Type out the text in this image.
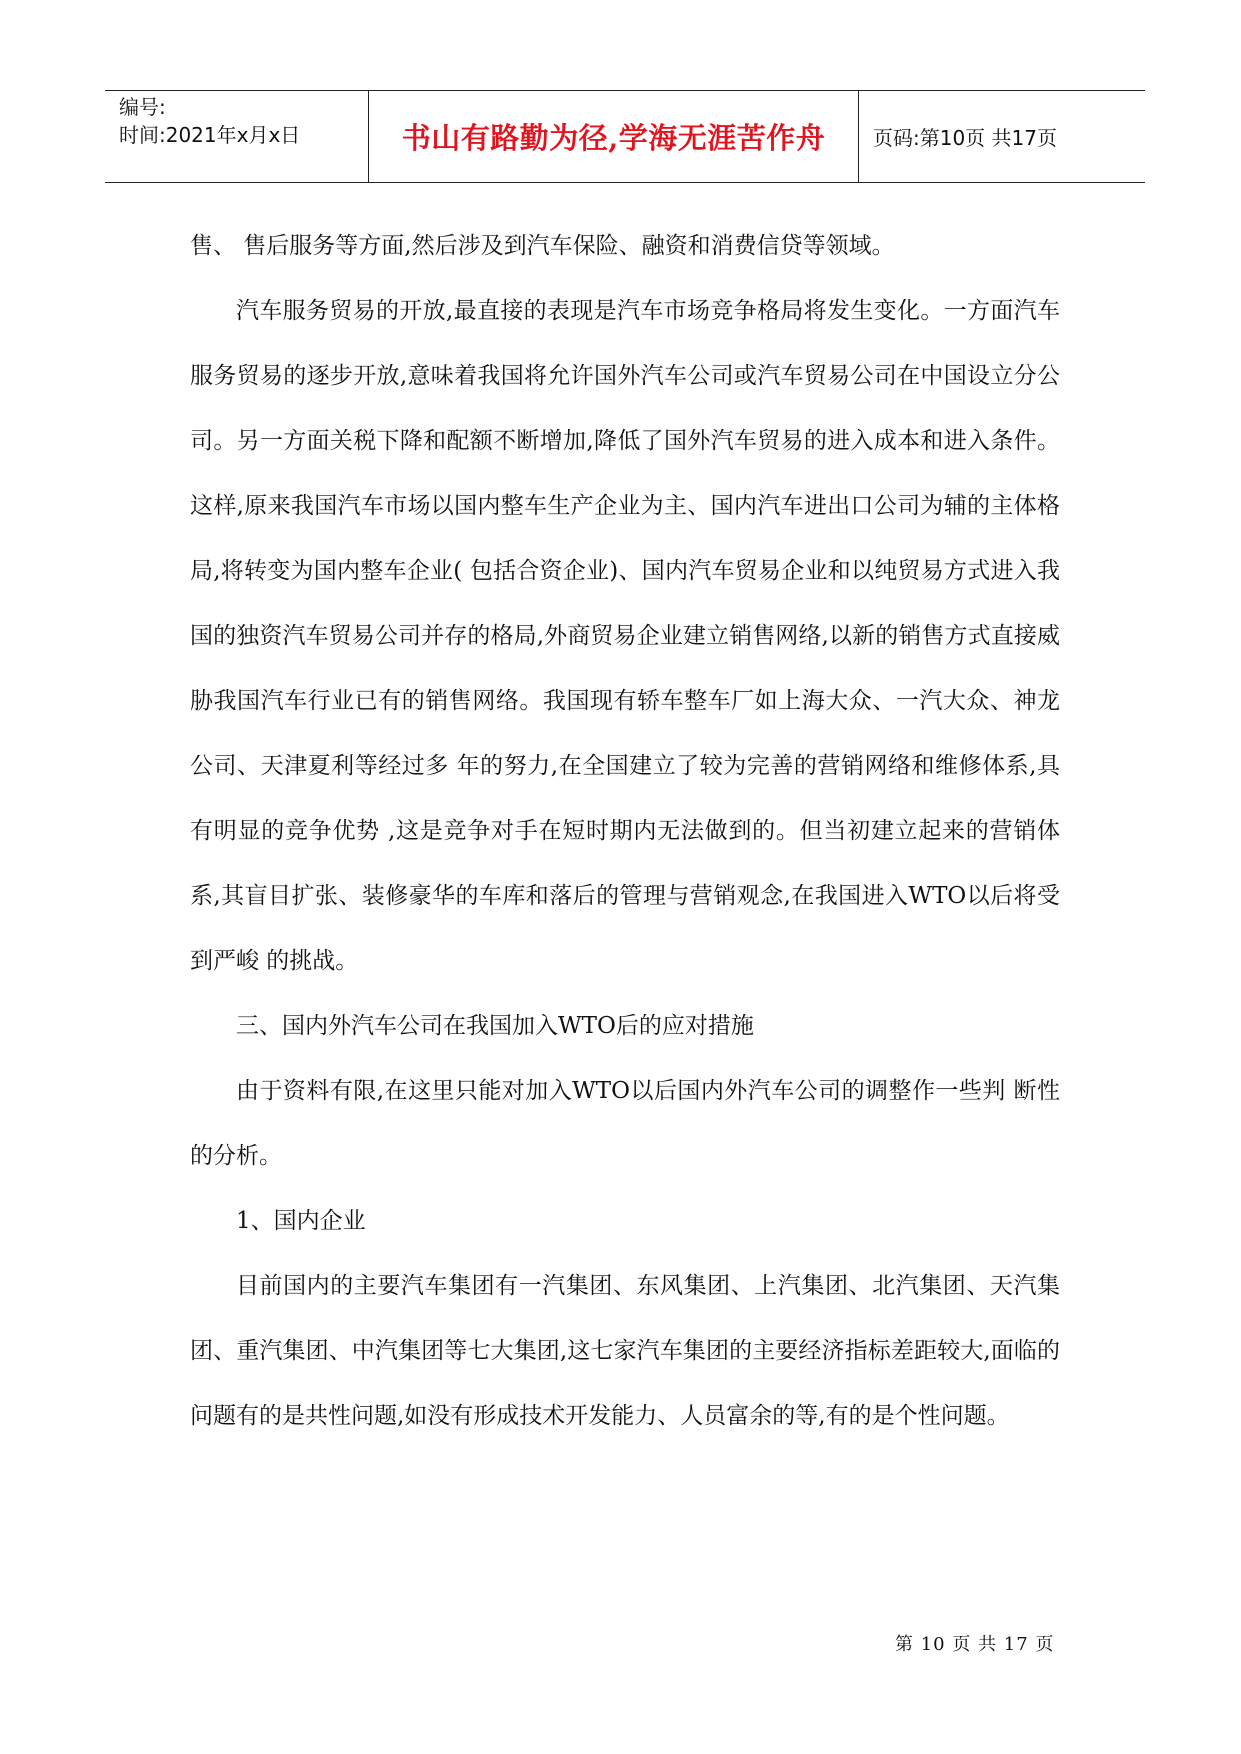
编号:
时间:2021年x月x日	书山有路勤为径,学海无涯苦作舟 页码:第10页 共17页

售、 售后服务等方面,然后涉及到汽车保险、融资和消费信贷等领域。

汽车服务贸易的开放,最直接的表现是汽车市场竞争格局将发生变化。一方面汽车服务贸易的逐步开放,意味着我国将允许国外汽车公司或汽车贸易公司在中国设立分公司。另一方面关税下降和配额不断增加,降低了国外汽车贸易的进入成本和进入条件。这样,原来我国汽车市场以国内整车生产企业为主、国内汽车进出口公司为辅的主体格局,将转变为国内整车企业( 包括合资企业)、国内汽车贸易企业和以纯贸易方式进入我国的独资汽车贸易公司并存的格局,外商贸易企业建立销售网络,以新的销售方式直接威胁我国汽车行业已有的销售网络。我国现有轿车整车厂如上海大众、一汽大众、神龙公司、天津夏利等经过多 年的努力,在全国建立了较为完善的营销网络和维修体系,具有明显的竞争优势 ,这是竞争对手在短时期内无法做到的。但当初建立起来的营销体系,其盲目扩张、装修豪华的车库和落后的管理与营销观念,在我国进入WTO以后将受到严峻 的挑战。

三、国内外汽车公司在我国加入WTO后的应对措施

由于资料有限,在这里只能对加入WTO以后国内外汽车公司的调整作一些判 断性的分析。

1、国内企业

目前国内的主要汽车集团有一汽集团、东风集团、上汽集团、北汽集团、天汽集团、重汽集团、中汽集团等七大集团,这七家汽车集团的主要经济指标差距较大,面临的问题有的是共性问题,如没有形成技术开发能力、人员富余的等,有的是个性问题。

第 10 页 共 17 页
